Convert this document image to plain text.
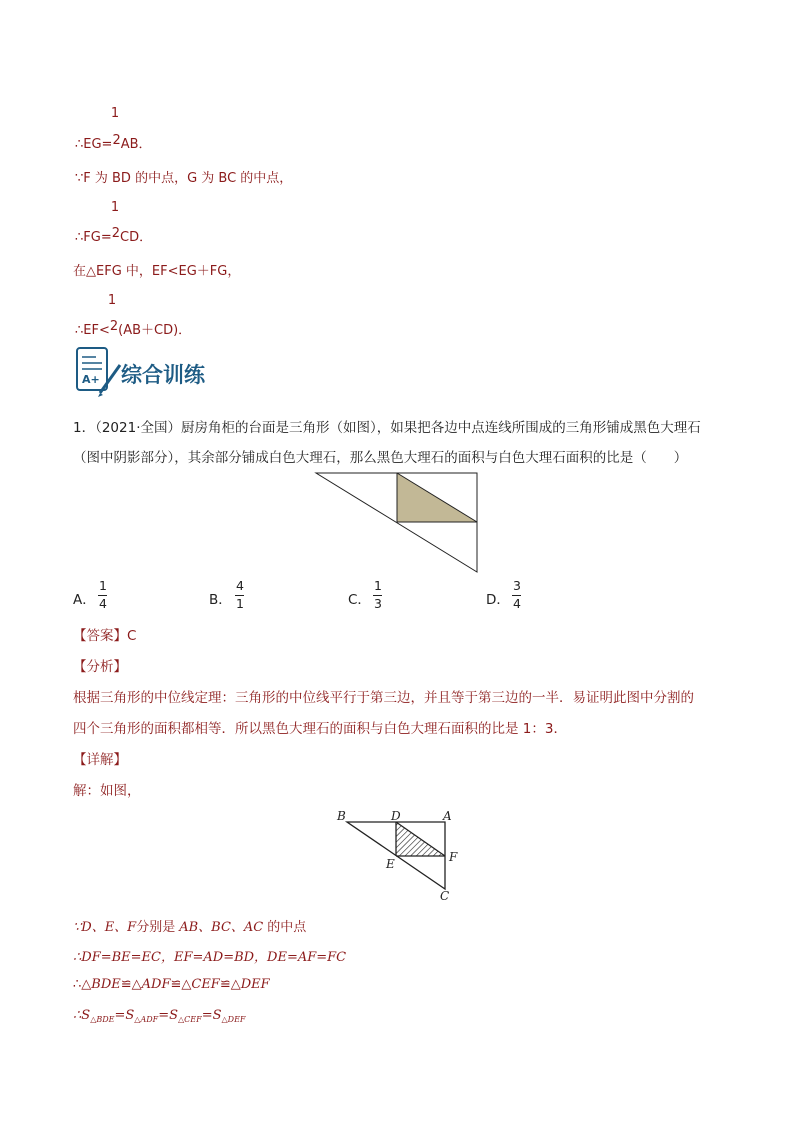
1
∴EG=2AB．
∵F 为 BD 的中点，G 为 BC 的中点，
1
∴FG=2CD．
在△EFG 中，EF<EG＋FG，
1
∴EF<2(AB＋CD)．
A+ 综合训练
1．（2021·全国）厨房角柜的台面是三角形（如图），如果把各边中点连线所围成的三角形铺成黑色大理石
（图中阴影部分），其余部分铺成白色大理石，那么黑色大理石的面积与白色大理石面积的比是（　　）
A．
1
4	B．
4
1	C．
1
3	D．
3
4
【答案】C
【分析】
根据三角形的中位线定理：三角形的中位线平行于第三边，并且等于第三边的一半．易证明此图中分割的
四个三角形的面积都相等．所以黑色大理石的面积与白色大理石面积的比是 1：3．
【详解】
解：如图，
B	D	A
E	F
C
∵D、E、F分别是 AB、BC、AC 的中点
∴DF=BE=EC，EF=AD=BD，DE=AF=FC
∴△BDE≌△ADF≌△CEF≌△DEF
$\therefore S_{\triangle BDE}=S_{\triangle ADF}=S_{\triangle CEF}=S_{\triangle DEF}$
